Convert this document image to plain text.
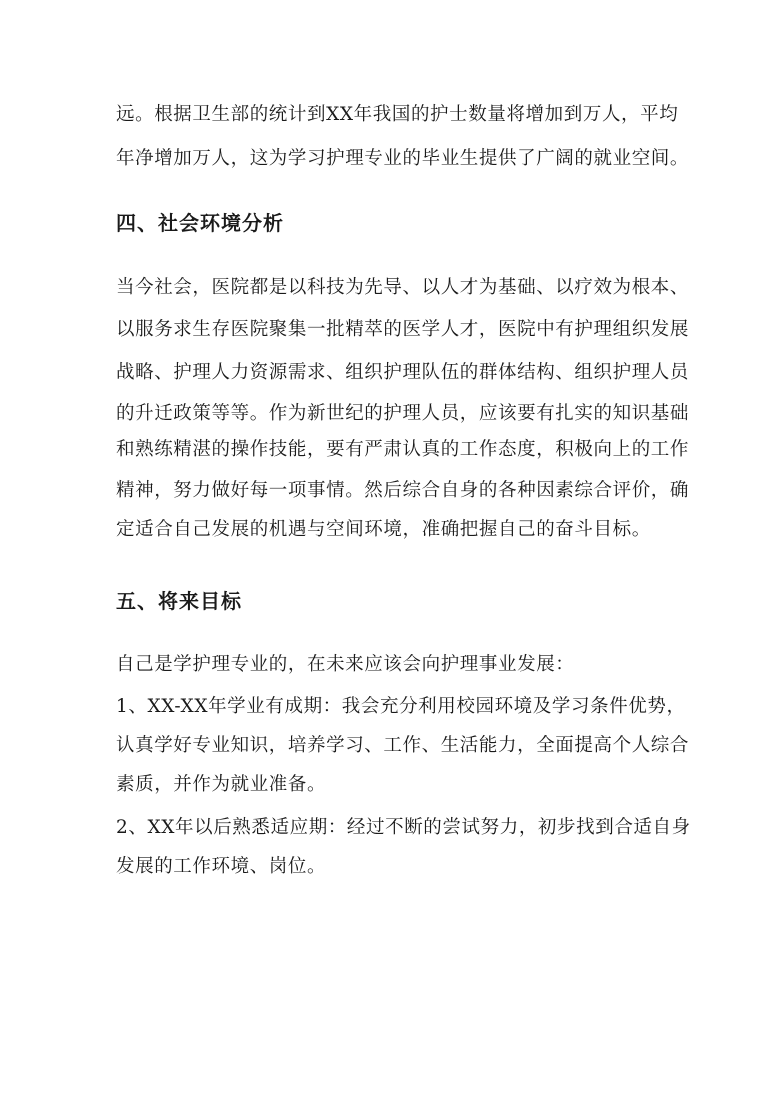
远。根据卫生部的统计到XX年我国的护士数量将增加到万人，平均
年净增加万人，这为学习护理专业的毕业生提供了广阔的就业空间。
四、社会环境分析
当今社会，医院都是以科技为先导、以人才为基础、以疗效为根本、
以服务求生存医院聚集一批精萃的医学人才，医院中有护理组织发展
战略、护理人力资源需求、组织护理队伍的群体结构、组织护理人员
的升迁政策等等。作为新世纪的护理人员，应该要有扎实的知识基础
和熟练精湛的操作技能，要有严肃认真的工作态度，积极向上的工作
精神，努力做好每一项事情。然后综合自身的各种因素综合评价，确
定适合自己发展的机遇与空间环境，准确把握自己的奋斗目标。
五、将来目标
自己是学护理专业的，在未来应该会向护理事业发展：
1、XX-XX年学业有成期：我会充分利用校园环境及学习条件优势，
认真学好专业知识，培养学习、工作、生活能力，全面提高个人综合
素质，并作为就业准备。
2、XX年以后熟悉适应期：经过不断的尝试努力，初步找到合适自身
发展的工作环境、岗位。
